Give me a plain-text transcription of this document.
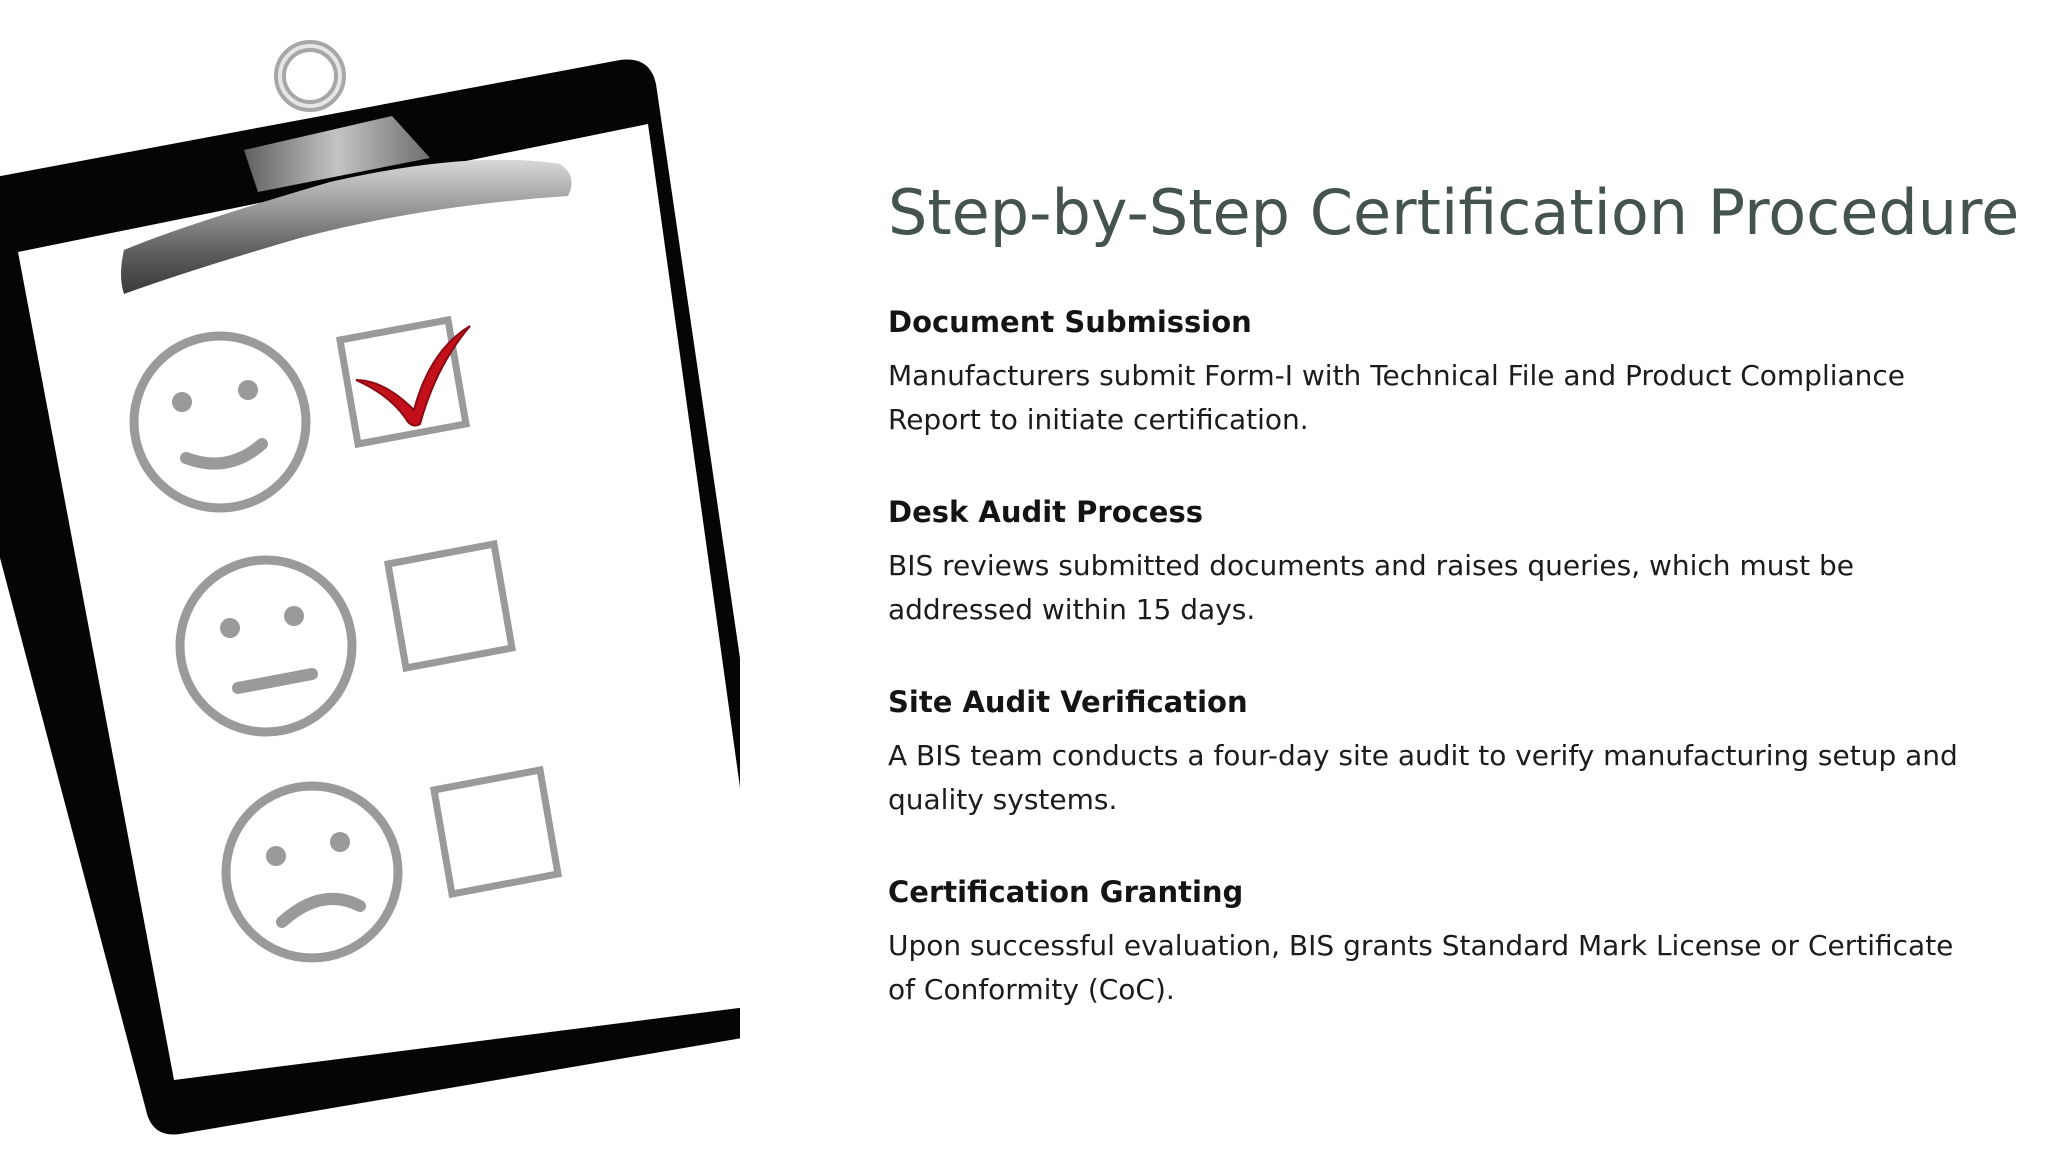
Step-by-Step Certification Procedure
Document Submission

Manufacturers submit Form-I with Technical File and Product Compliance Report to initiate certification.

Desk Audit Process

BIS reviews submitted documents and raises queries, which must be addressed within 15 days.

Site Audit Verification

A BIS team conducts a four-day site audit to verify manufacturing setup and quality systems.

Certification Granting

Upon successful evaluation, BIS grants Standard Mark License or Certificate of Conformity (CoC).
